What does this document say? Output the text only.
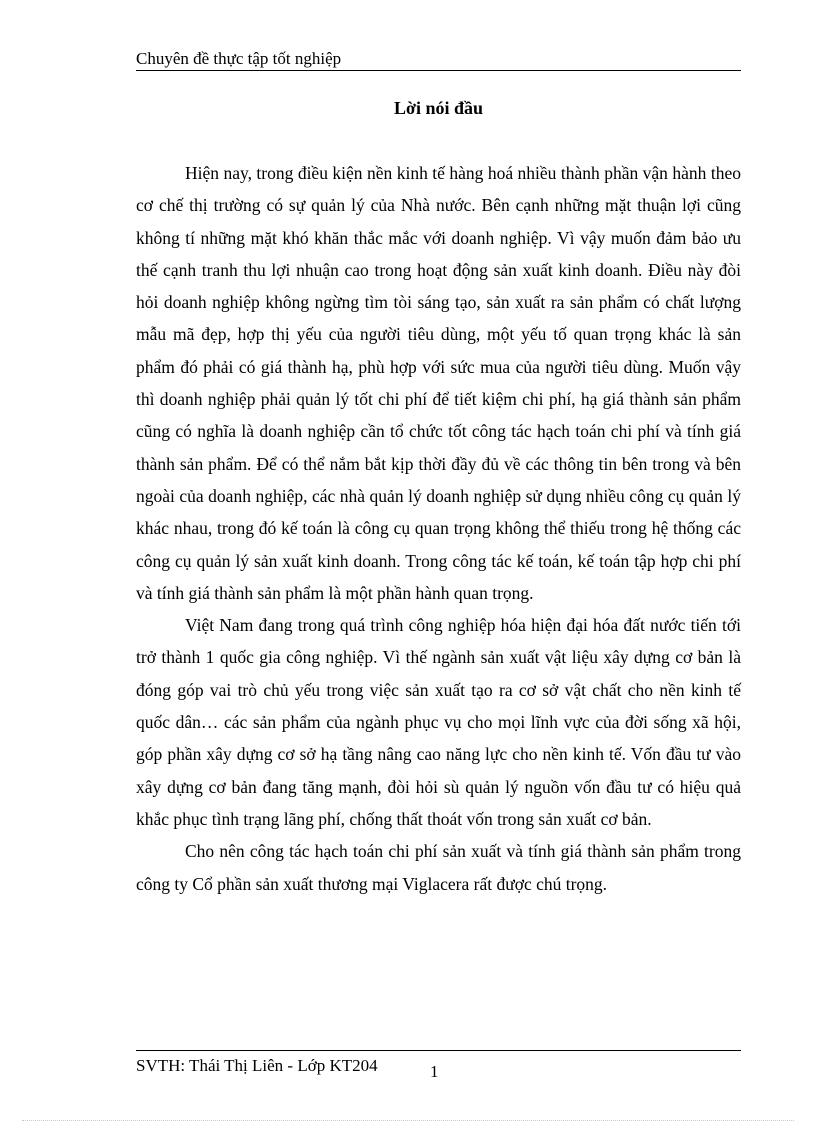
Chuyên đề thực tập tốt nghiệp
Lời nói đầu

Hiện nay, trong điều kiện nền kinh tế hàng hoá nhiều thành phần vận hành theo cơ chế thị trường có sự quản lý của Nhà nước. Bên cạnh những mặt thuận lợi cũng không tí những mặt khó khăn thắc mắc với doanh nghiệp. Vì vậy muốn đảm bảo ưu thế cạnh tranh thu lợi nhuận cao trong hoạt động sản xuất kinh doanh. Điều này đòi hỏi doanh nghiệp không ngừng tìm tòi sáng tạo, sản xuất ra sản phẩm có chất lượng mẫu mã đẹp, hợp thị yếu của người tiêu dùng, một yếu tố quan trọng khác là sản phẩm đó phải có giá thành hạ, phù hợp với sức mua của người tiêu dùng. Muốn vậy thì doanh nghiệp phải quản lý tốt chi phí để tiết kiệm chi phí, hạ giá thành sản phẩm cũng có nghĩa là doanh nghiệp cần tổ chức tốt công tác hạch toán chi phí và tính giá thành sản phẩm. Để có thể nắm bắt kịp thời đầy đủ về các thông tin bên trong và bên ngoài của doanh nghiệp, các nhà quản lý doanh nghiệp sử dụng nhiều công cụ quản lý khác nhau, trong đó kế toán là công cụ quan trọng không thể thiếu trong hệ thống các công cụ quản lý sản xuất kinh doanh. Trong công tác kế toán, kế toán tập hợp chi phí và tính giá thành sản phẩm là một phần hành quan trọng.

Việt Nam đang trong quá trình công nghiệp hóa hiện đại hóa đất nước tiến tới trở thành 1 quốc gia công nghiệp. Vì thế ngành sản xuất vật liệu xây dựng cơ bản là đóng góp vai trò chủ yếu trong việc sản xuất tạo ra cơ sở vật chất cho nền kinh tế quốc dân… các sản phẩm của ngành phục vụ cho mọi lĩnh vực của đời sống xã hội, góp phần xây dựng cơ sở hạ tầng nâng cao năng lực cho nền kinh tế. Vốn đầu tư vào xây dựng cơ bản đang tăng mạnh, đòi hỏi sù quản lý nguồn vốn đầu tư có hiệu quả khắc phục tình trạng lãng phí, chống thất thoát vốn trong sản xuất cơ bản.

Cho nên công tác hạch toán chi phí sản xuất và tính giá thành sản phẩm trong công ty Cổ phần sản xuất thương mại Viglacera rất được chú trọng.

SVTH: Thái Thị Liên - Lớp KT204	1
